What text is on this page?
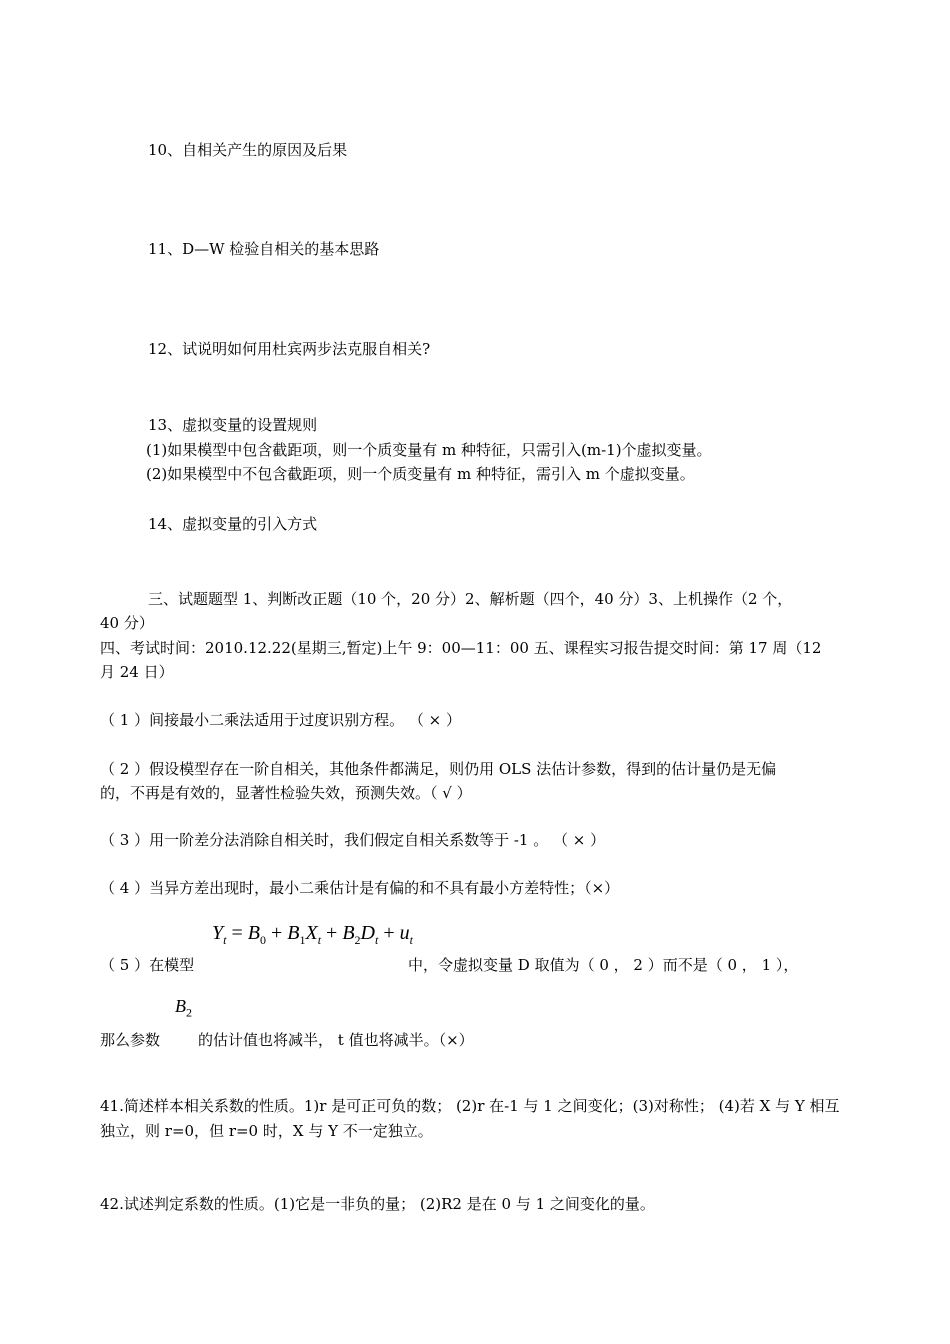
10、自相关产生的原因及后果
11、D—W 检验自相关的基本思路
12、试说明如何用杜宾两步法克服自相关?
13、虚拟变量的设置规则
(1)如果模型中包含截距项，则一个质变量有 m 种特征，只需引入(m-1)个虚拟变量。
(2)如果模型中不包含截距项，则一个质变量有 m 种特征，需引入 m 个虚拟变量。
14、虚拟变量的引入方式
三、试题题型 1、判断改正题（10 个，20 分）2、解析题（四个，40 分）3、上机操作（2 个，
40 分）
四、考试时间：2010.12.22(星期三,暂定)上午 9：00—11：00 五、课程实习报告提交时间：第 17 周（12
月 24 日）
（ 1 ）间接最小二乘法适用于过度识别方程。 （ × ）
（ 2 ）假设模型存在一阶自相关，其他条件都满足，则仍用 OLS 法估计参数，得到的估计量仍是无偏
的，不再是有效的，显著性检验失效，预测失效。（ √ ）
（ 3 ）用一阶差分法消除自相关时，我们假定自相关系数等于 -1 。 （ × ）
（ 4 ）当异方差出现时，最小二乘估计是有偏的和不具有最小方差特性；（×）
$Y_t = B_0 + B_1X_t + B_2D_t + u_t$
（ 5 ）在模型	中，令虚拟变量 D 取值为（ 0 ， 2 ）而不是（ 0 ， 1 ），
$B_2$
那么参数	的估计值也将减半， t 值也将减半。（×）
41.简述样本相关系数的性质。1)r 是可正可负的数； (2)r 在-1 与 1 之间变化；(3)对称性； (4)若 X 与 Y 相互
独立，则 r=0，但 r=0 时，X 与 Y 不一定独立。
42.试述判定系数的性质。(1)它是一非负的量； (2)R2 是在 0 与 1 之间变化的量。
